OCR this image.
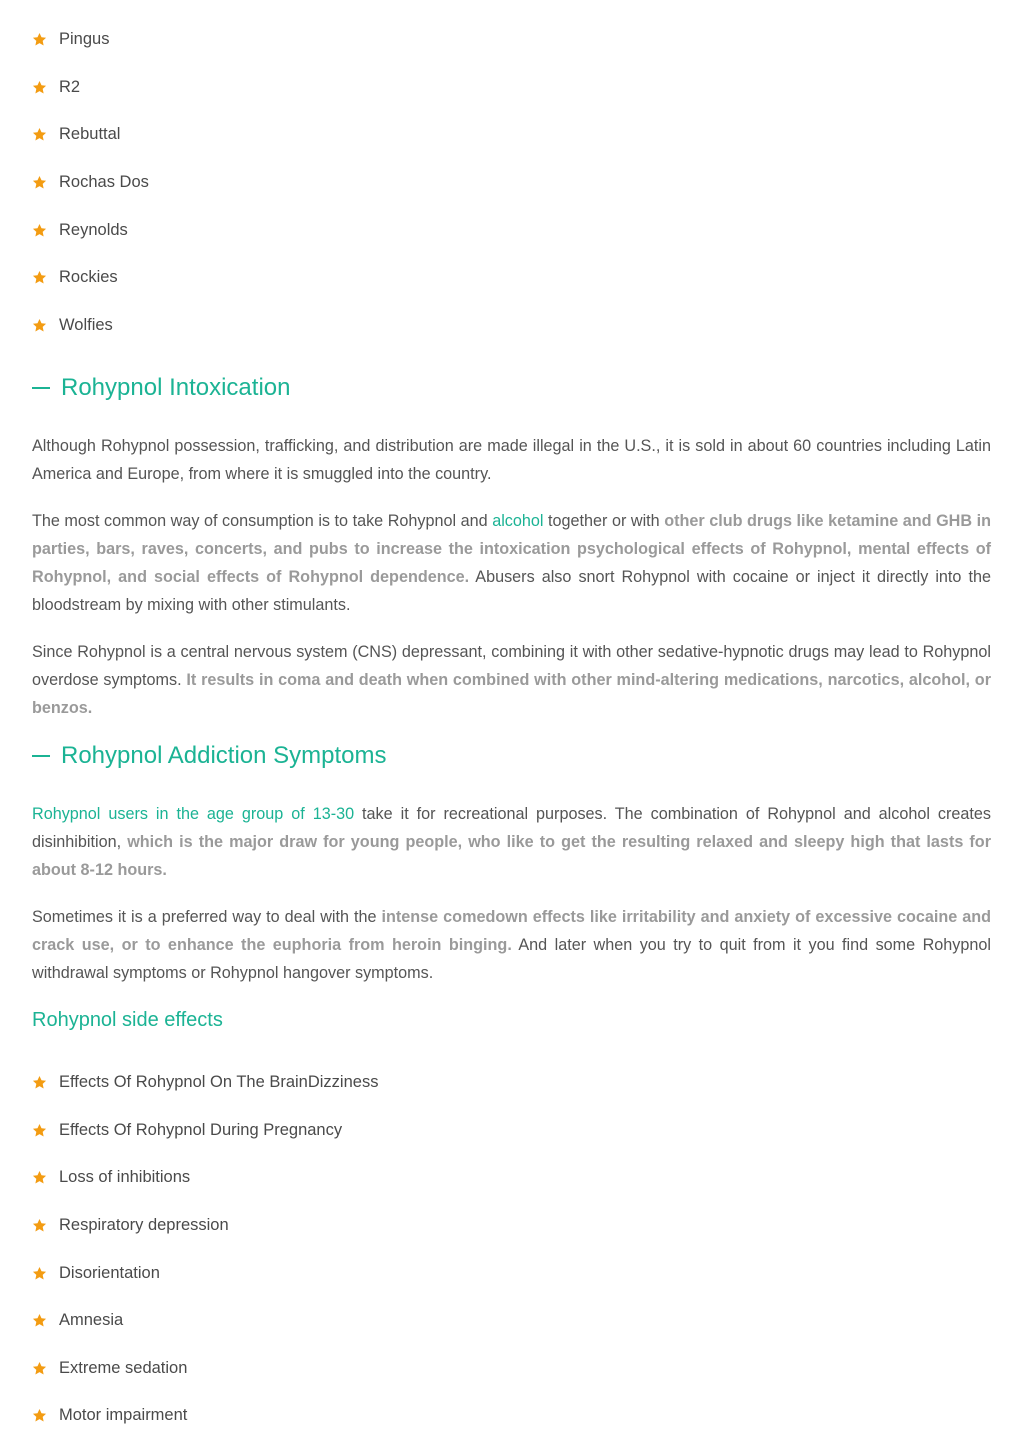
Pingus
R2
Rebuttal
Rochas Dos
Reynolds
Rockies
Wolfies
Rohypnol Intoxication

Although Rohypnol possession, trafficking, and distribution are made illegal in the U.S., it is sold in about 60 countries including Latin America and Europe, from where it is smuggled into the country.

The most common way of consumption is to take Rohypnol and alcohol together or with other club drugs like ketamine and GHB in parties, bars, raves, concerts, and pubs to increase the intoxication psychological effects of Rohypnol, mental effects of Rohypnol, and social effects of Rohypnol dependence. Abusers also snort Rohypnol with cocaine or inject it directly into the bloodstream by mixing with other stimulants.

Since Rohypnol is a central nervous system (CNS) depressant, combining it with other sedative-hypnotic drugs may lead to Rohypnol overdose symptoms. It results in coma and death when combined with other mind-altering medications, narcotics, alcohol, or benzos.

Rohypnol Addiction Symptoms

Rohypnol users in the age group of 13-30 take it for recreational purposes. The combination of Rohypnol and alcohol creates disinhibition, which is the major draw for young people, who like to get the resulting relaxed and sleepy high that lasts for about 8-12 hours.

Sometimes it is a preferred way to deal with the intense comedown effects like irritability and anxiety of excessive cocaine and crack use, or to enhance the euphoria from heroin binging. And later when you try to quit from it you find some Rohypnol withdrawal symptoms or Rohypnol hangover symptoms.

Rohypnol side effects
Effects Of Rohypnol On The BrainDizziness
Effects Of Rohypnol During Pregnancy
Loss of inhibitions
Respiratory depression
Disorientation
Amnesia
Extreme sedation
Motor impairment
